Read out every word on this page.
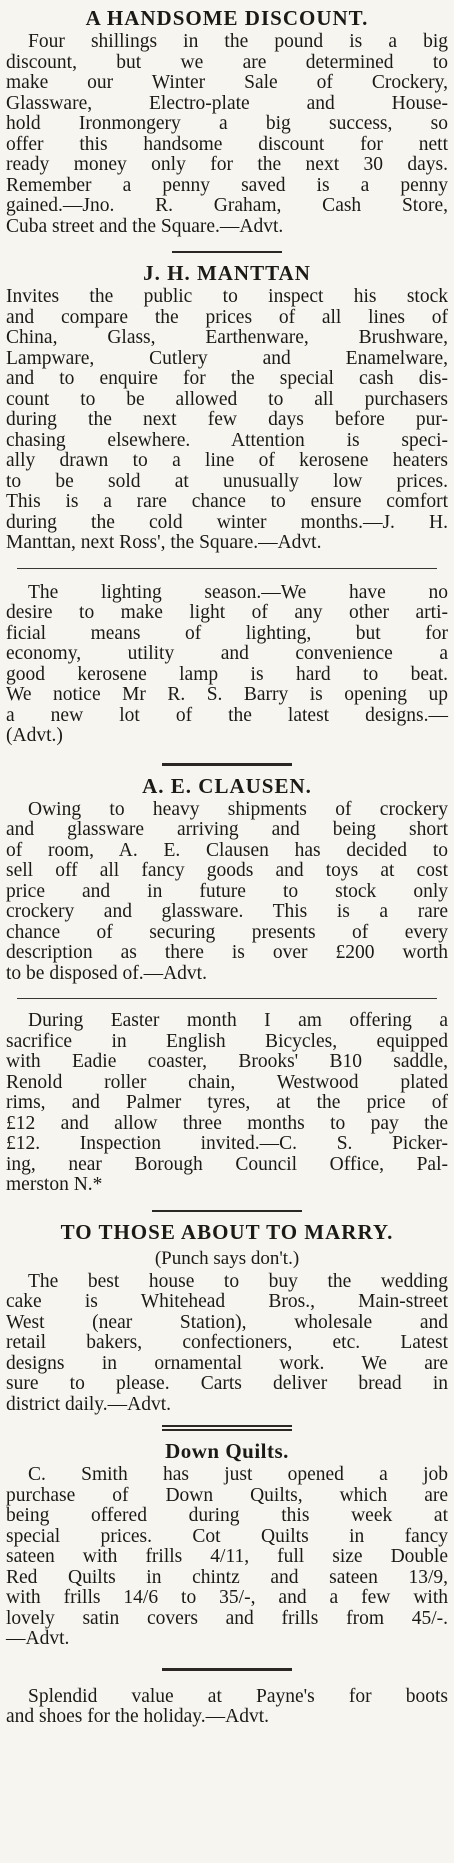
A HANDSOME DISCOUNT.
Four shillings in the pound is a big
discount, but we are determined to
make our Winter Sale of Crockery,
Glassware, Electro-plate and House-
hold Ironmongery a big success, so
offer this handsome discount for nett
ready money only for the next 30 days.
Remember a penny saved is a penny
gained.—Jno. R. Graham, Cash Store,
Cuba street and the Square.—Advt.
J. H. MANTTAN
Invites the public to inspect his stock
and compare the prices of all lines of
China, Glass, Earthenware, Brushware,
Lampware, Cutlery and Enamelware,
and to enquire for the special cash dis-
count to be allowed to all purchasers
during the next few days before pur-
chasing elsewhere. Attention is speci-
ally drawn to a line of kerosene heaters
to be sold at unusually low prices.
This is a rare chance to ensure comfort
during the cold winter months.—J. H.
Manttan, next Ross', the Square.—Advt.
The lighting season.—We have no
desire to make light of any other arti-
ficial means of lighting, but for
economy, utility and convenience a
good kerosene lamp is hard to beat.
We notice Mr R. S. Barry is opening up
a new lot of the latest designs.—
(Advt.)
A. E. CLAUSEN.
Owing to heavy shipments of crockery
and glassware arriving and being short
of room, A. E. Clausen has decided to
sell off all fancy goods and toys at cost
price and in future to stock only
crockery and glassware. This is a rare
chance of securing presents of every
description as there is over £200 worth
to be disposed of.—Advt.
During Easter month I am offering a
sacrifice in English Bicycles, equipped
with Eadie coaster, Brooks' B10 saddle,
Renold roller chain, Westwood plated
rims, and Palmer tyres, at the price of
£12 and allow three months to pay the
£12. Inspection invited.—C. S. Picker-
ing, near Borough Council Office, Pal-
merston N.*
TO THOSE ABOUT TO MARRY.

(Punch says don't.)

The best house to buy the wedding
cake is Whitehead Bros., Main-street
West (near Station), wholesale and
retail bakers, confectioners, etc. Latest
designs in ornamental work. We are
sure to please. Carts deliver bread in
district daily.—Advt.
Down Quilts.
C. Smith has just opened a job
purchase of Down Quilts, which are
being offered during this week at
special prices. Cot Quilts in fancy
sateen with frills 4/11, full size Double
Red Quilts in chintz and sateen 13/9,
with frills 14/6 to 35/-, and a few with
lovely satin covers and frills from 45/-.
—Advt.
Splendid value at Payne's for boots
and shoes for the holiday.—Advt.
